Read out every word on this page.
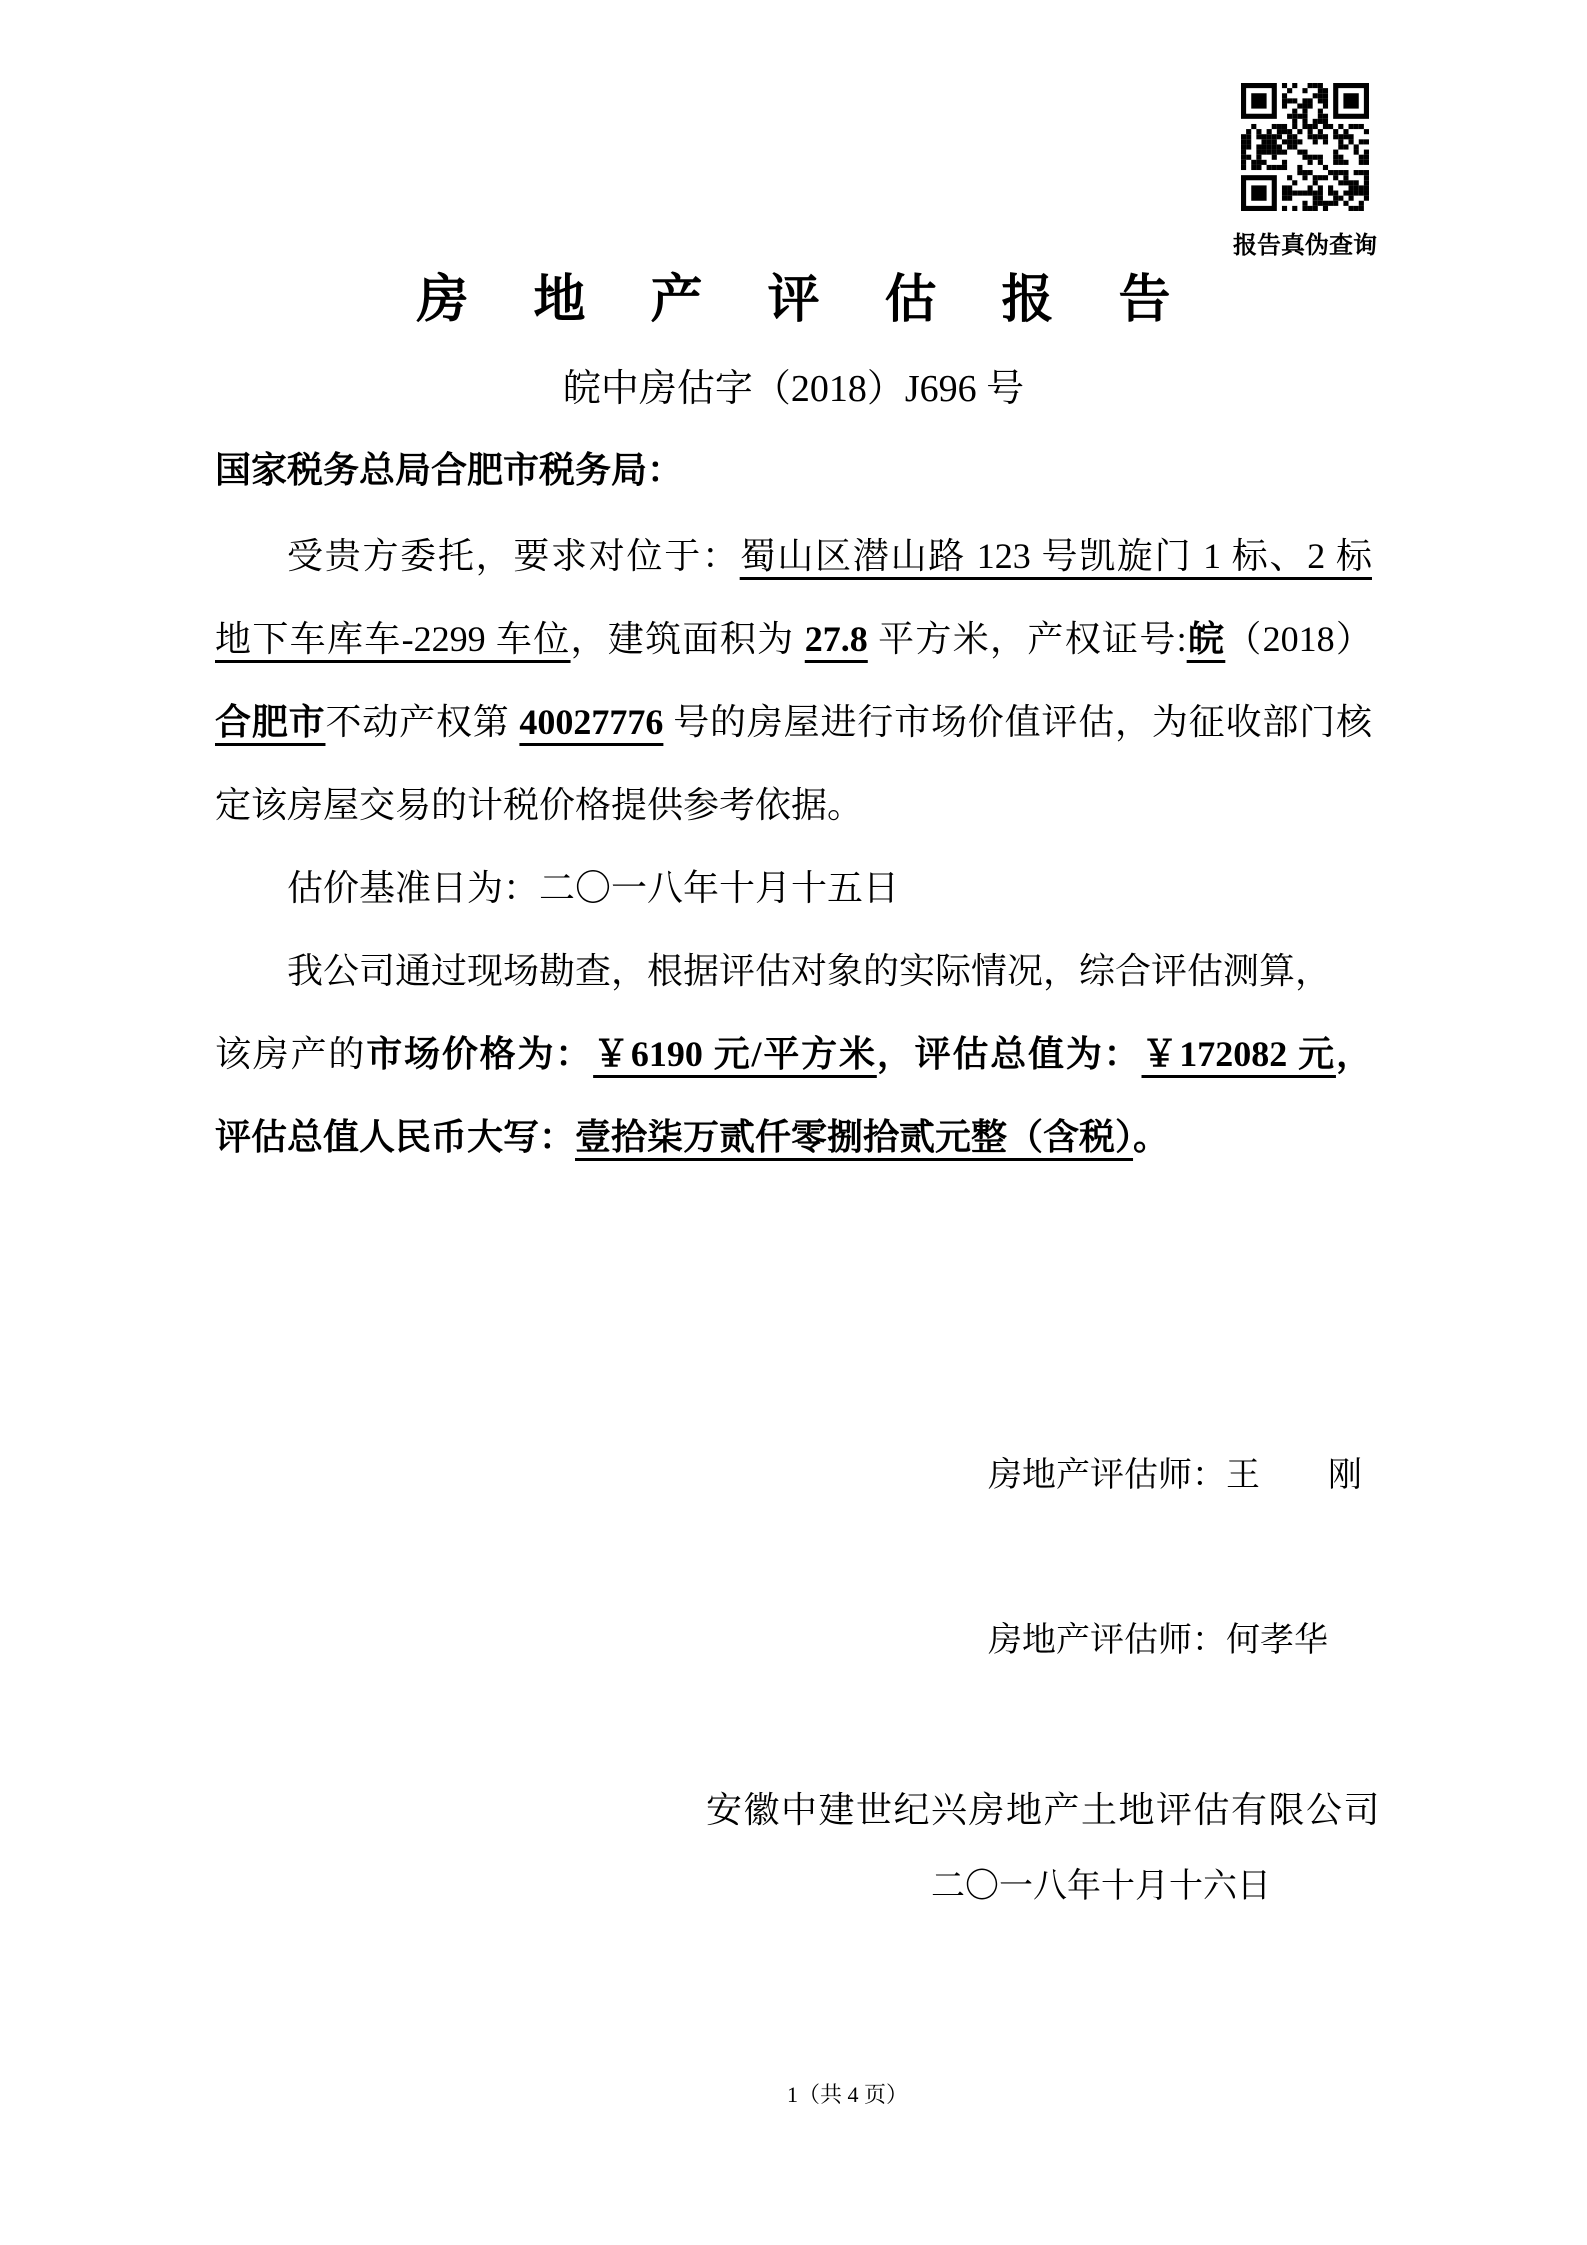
报告真伪查询
房地产评估报告
皖中房估字（2018）J696 号
国家税务总局合肥市税务局：
受贵方委托，要求对位于：蜀山区潜山路 123 号凯旋门 1 标、2 标
地下车库车-2299 车位，建筑面积为 27.8 平方米，产权证号:皖（2018）
合肥市不动产权第 40027776 号的房屋进行市场价值评估，为征收部门核
定该房屋交易的计税价格提供参考依据。
估价基准日为：二〇一八年十月十五日
我公司通过现场勘查，根据评估对象的实际情况，综合评估测算，
该房产的市场价格为：￥6190 元/平方米，评估总值为：￥172082 元，
评估总值人民币大写：壹拾柒万贰仟零捌拾贰元整（含税）。
房地产评估师：王　　刚
房地产评估师：何孝华
安徽中建世纪兴房地产土地评估有限公司
二〇一八年十月十六日
1（共 4 页）
